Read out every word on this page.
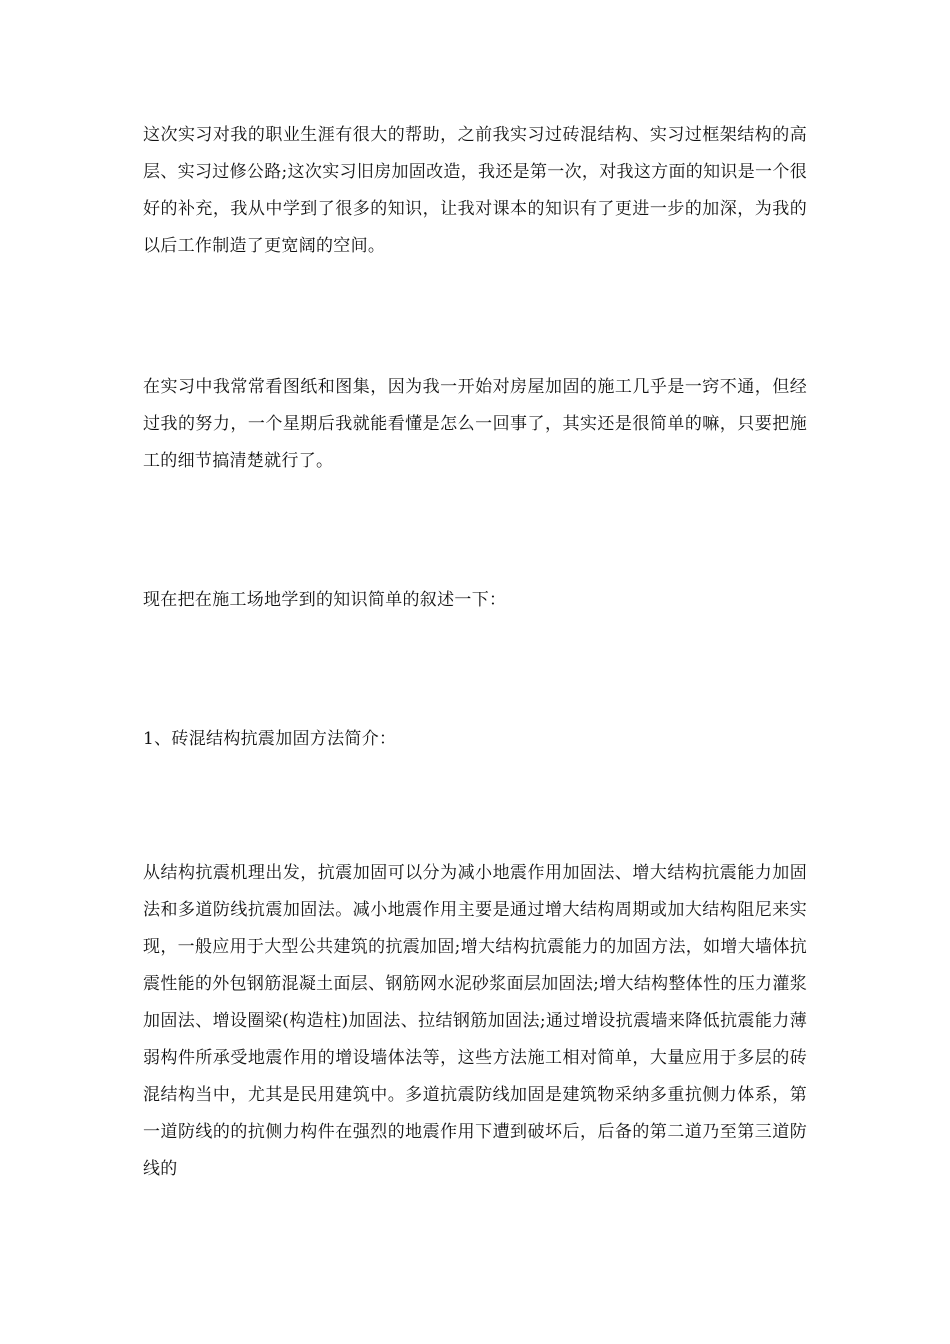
这次实习对我的职业生涯有很大的帮助，之前我实习过砖混结构、实习过框架结构的高层、实习过修公路;这次实习旧房加固改造，我还是第一次，对我这方面的知识是一个很好的补充，我从中学到了很多的知识，让我对课本的知识有了更进一步的加深，为我的以后工作制造了更宽阔的空间。

在实习中我常常看图纸和图集，因为我一开始对房屋加固的施工几乎是一窍不通，但经过我的努力，一个星期后我就能看懂是怎么一回事了，其实还是很简单的嘛，只要把施工的细节搞清楚就行了。

现在把在施工场地学到的知识简单的叙述一下：

1、砖混结构抗震加固方法简介：

从结构抗震机理出发，抗震加固可以分为减小地震作用加固法、增大结构抗震能力加固法和多道防线抗震加固法。减小地震作用主要是通过增大结构周期或加大结构阻尼来实现，一般应用于大型公共建筑的抗震加固;增大结构抗震能力的加固方法，如增大墙体抗震性能的外包钢筋混凝土面层、钢筋网水泥砂浆面层加固法;增大结构整体性的压力灌浆加固法、增设圈梁(构造柱)加固法、拉结钢筋加固法;通过增设抗震墙来降低抗震能力薄弱构件所承受地震作用的增设墙体法等，这些方法施工相对简单，大量应用于多层的砖混结构当中，尤其是民用建筑中。多道抗震防线加固是建筑物采纳多重抗侧力体系，第一道防线的的抗侧力构件在强烈的地震作用下遭到破坏后，后备的第二道乃至第三道防线的
